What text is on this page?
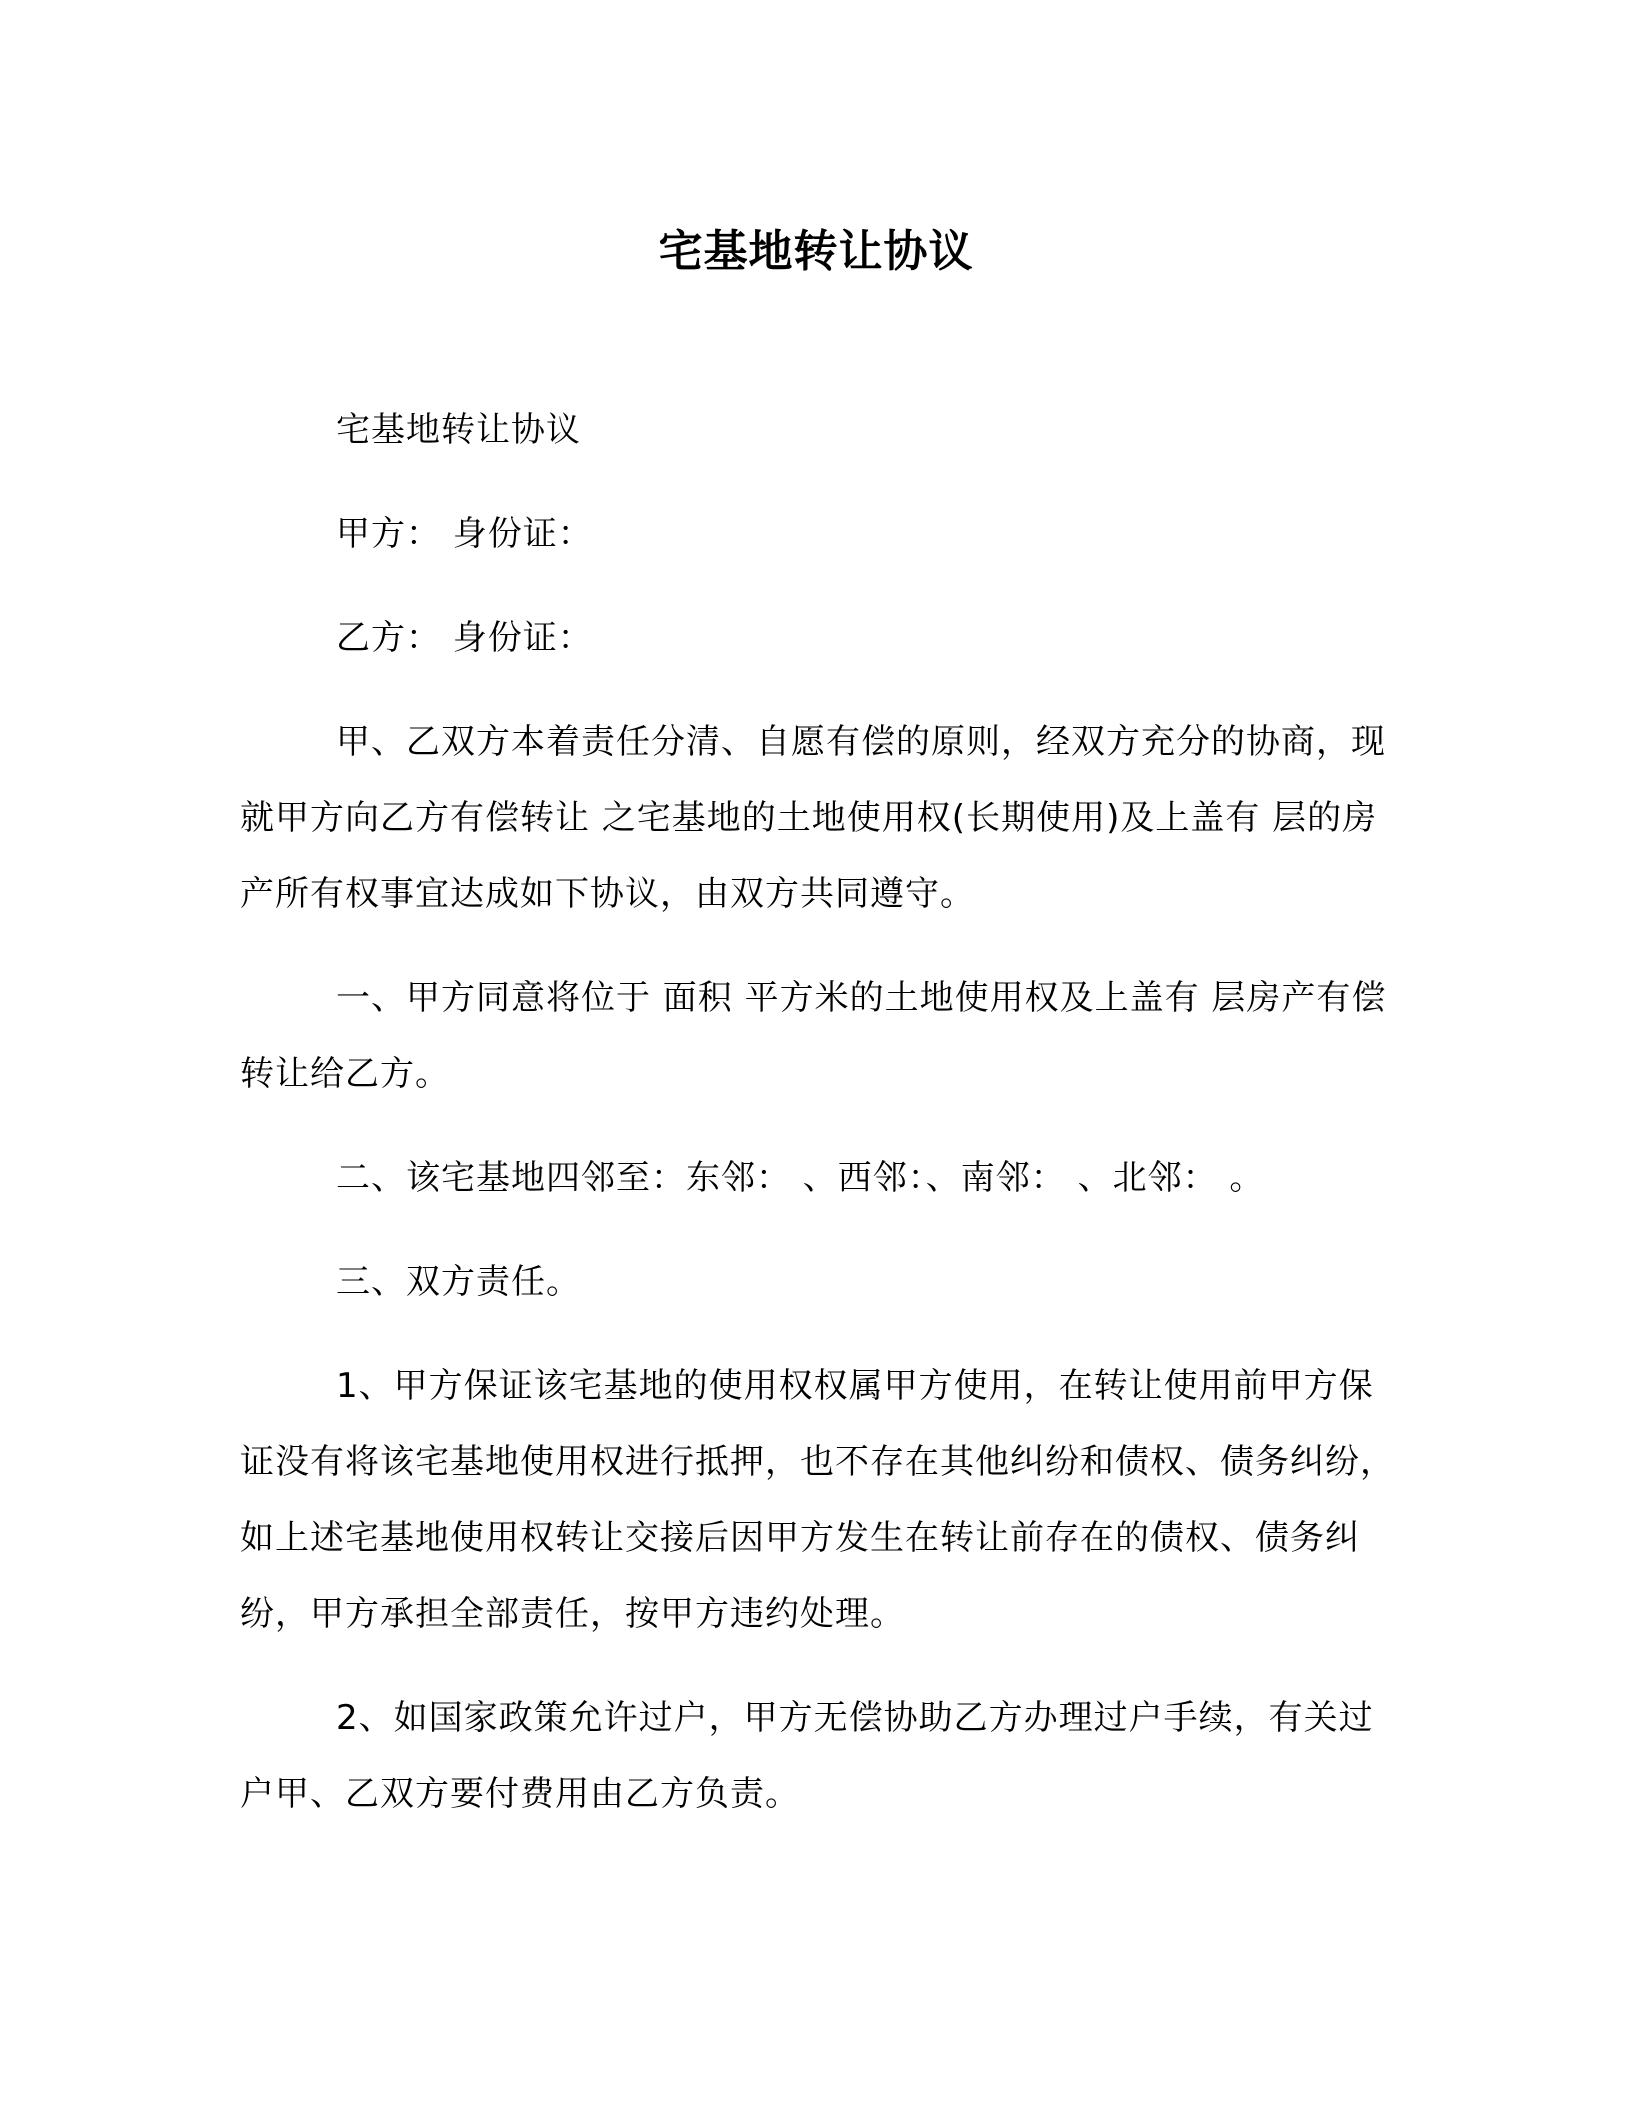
宅基地转让协议

宅基地转让协议

甲方： 身份证：

乙方： 身份证：

甲、乙双方本着责任分清、自愿有偿的原则，经双方充分的协商，现就甲方向乙方有偿转让 之宅基地的土地使用权(长期使用)及上盖有 层的房产所有权事宜达成如下协议，由双方共同遵守。

一、甲方同意将位于 面积 平方米的土地使用权及上盖有 层房产有偿转让给乙方。

二、该宅基地四邻至：东邻： 、西邻：、南邻： 、北邻： 。

三、双方责任。

1、甲方保证该宅基地的使用权权属甲方使用，在转让使用前甲方保证没有将该宅基地使用权进行抵押，也不存在其他纠纷和债权、债务纠纷，如上述宅基地使用权转让交接后因甲方发生在转让前存在的债权、债务纠纷，甲方承担全部责任，按甲方违约处理。

2、如国家政策允许过户，甲方无偿协助乙方办理过户手续，有关过户甲、乙双方要付费用由乙方负责。
